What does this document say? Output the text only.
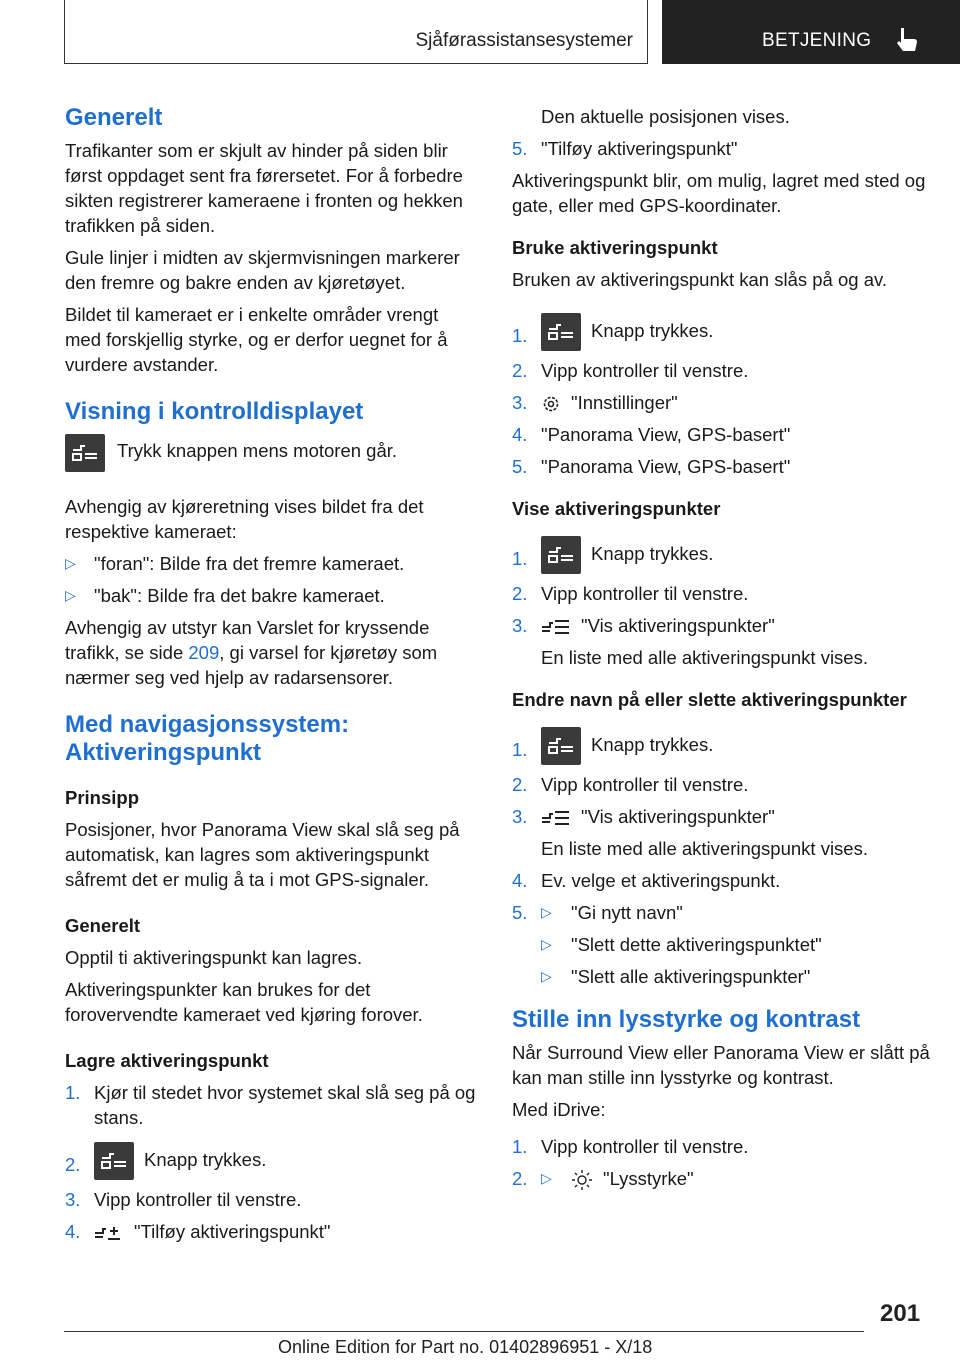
Sjåførassistansesystemer	BETJENING
Generelt

Trafikanter som er skjult av hinder på siden blir først oppdaget sent fra førersetet. For å forbedre sikten registrerer kameraene i fronten og hekken trafikken på siden.

Gule linjer i midten av skjermvisningen markerer den fremre og bakre enden av kjøretøyet.

Bildet til kameraet er i enkelte områder vrengt med forskjellig styrke, og er derfor uegnet for å vurdere avstander.

Visning i kontrolldisplayet
Trykk knappen mens motoren går.

Avhengig av kjøreretning vises bildet fra det respektive kameraet:

▷ "foran": Bilde fra det fremre kameraet.
▷ "bak": Bilde fra det bakre kameraet.

Avhengig av utstyr kan Varslet for kryssende trafikk, se side 209, gi varsel for kjøretøy som nærmer seg ved hjelp av radarsensorer.

Med navigasjonssystem: Aktiveringspunkt
Prinsipp

Posisjoner, hvor Panorama View skal slå seg på automatisk, kan lagres som aktiveringspunkt såfremt det er mulig å ta i mot GPS-signaler.

Generelt

Opptil ti aktiveringspunkt kan lagres.

Aktiveringspunkter kan brukes for det forovervendte kameraet ved kjøring forover.

Lagre aktiveringspunkt
1. Kjør til stedet hvor systemet skal slå seg på og stans.
2.	Knapp trykkes.
3. Vipp kontroller til venstre.
4.	"Tilføy aktiveringspunkt"
Den aktuelle posisjonen vises.
5. "Tilføy aktiveringspunkt"

Aktiveringspunkt blir, om mulig, lagret med sted og gate, eller med GPS-koordinater.

Bruke aktiveringspunkt

Bruken av aktiveringspunkt kan slås på og av.

1.	Knapp trykkes.
2. Vipp kontroller til venstre.
3. "Innstillinger"
4. "Panorama View, GPS-basert"
5. "Panorama View, GPS-basert"
Vise aktiveringspunkter
1.	Knapp trykkes.
2. Vipp kontroller til venstre.
3.	"Vis aktiveringspunkter"
En liste med alle aktiveringspunkt vises.
Endre navn på eller slette aktiveringspunkter
1.	Knapp trykkes.
2. Vipp kontroller til venstre.
3.	"Vis aktiveringspunkter"
En liste med alle aktiveringspunkt vises.
4. Ev. velge et aktiveringspunkt.
5. ▷ "Gi nytt navn"
▷ "Slett dette aktiveringspunktet"
▷ "Slett alle aktiveringspunkter"
Stille inn lysstyrke og kontrast

Når Surround View eller Panorama View er slått på kan man stille inn lysstyrke og kontrast.

Med iDrive:

1. Vipp kontroller til venstre.
2. ▷	"Lysstyrke"
201
Online Edition for Part no. 01402896951 - X/18
